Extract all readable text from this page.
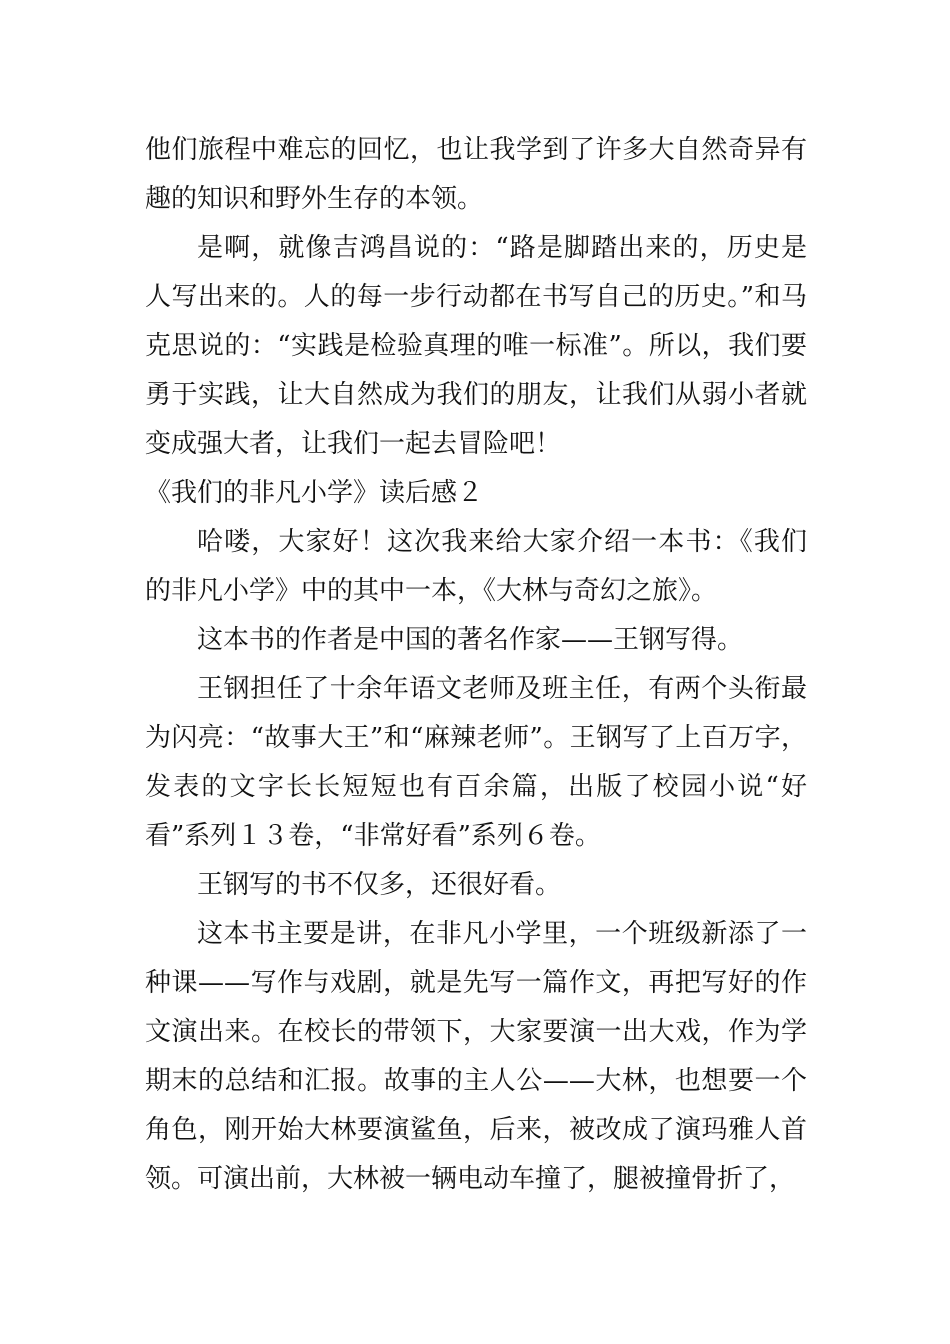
他们旅程中难忘的回忆，也让我学到了许多大自然奇异有趣的知识和野外生存的本领。

是啊，就像吉鸿昌说的：“路是脚踏出来的，历史是人写出来的。人的每一步行动都在书写自己的历史。”和马克思说的：“实践是检验真理的唯一标准”。所以，我们要勇于实践，让大自然成为我们的朋友，让我们从弱小者就变成强大者，让我们一起去冒险吧！

《我们的非凡小学》读后感２

哈喽，大家好！这次我来给大家介绍一本书：《我们的非凡小学》中的其中一本，《大林与奇幻之旅》。

这本书的作者是中国的著名作家——王钢写得。

王钢担任了十余年语文老师及班主任，有两个头衔最为闪亮：“故事大王”和“麻辣老师”。王钢写了上百万字，发表的文字长长短短也有百余篇，出版了校园小说“好看”系列１３卷，“非常好看”系列６卷。

王钢写的书不仅多，还很好看。

这本书主要是讲，在非凡小学里，一个班级新添了一种课——写作与戏剧，就是先写一篇作文，再把写好的作文演出来。在校长的带领下，大家要演一出大戏，作为学期末的总结和汇报。故事的主人公——大林，也想要一个角色，刚开始大林要演鲨鱼，后来，被改成了演玛雅人首领。可演出前，大林被一辆电动车撞了，腿被撞骨折了，
